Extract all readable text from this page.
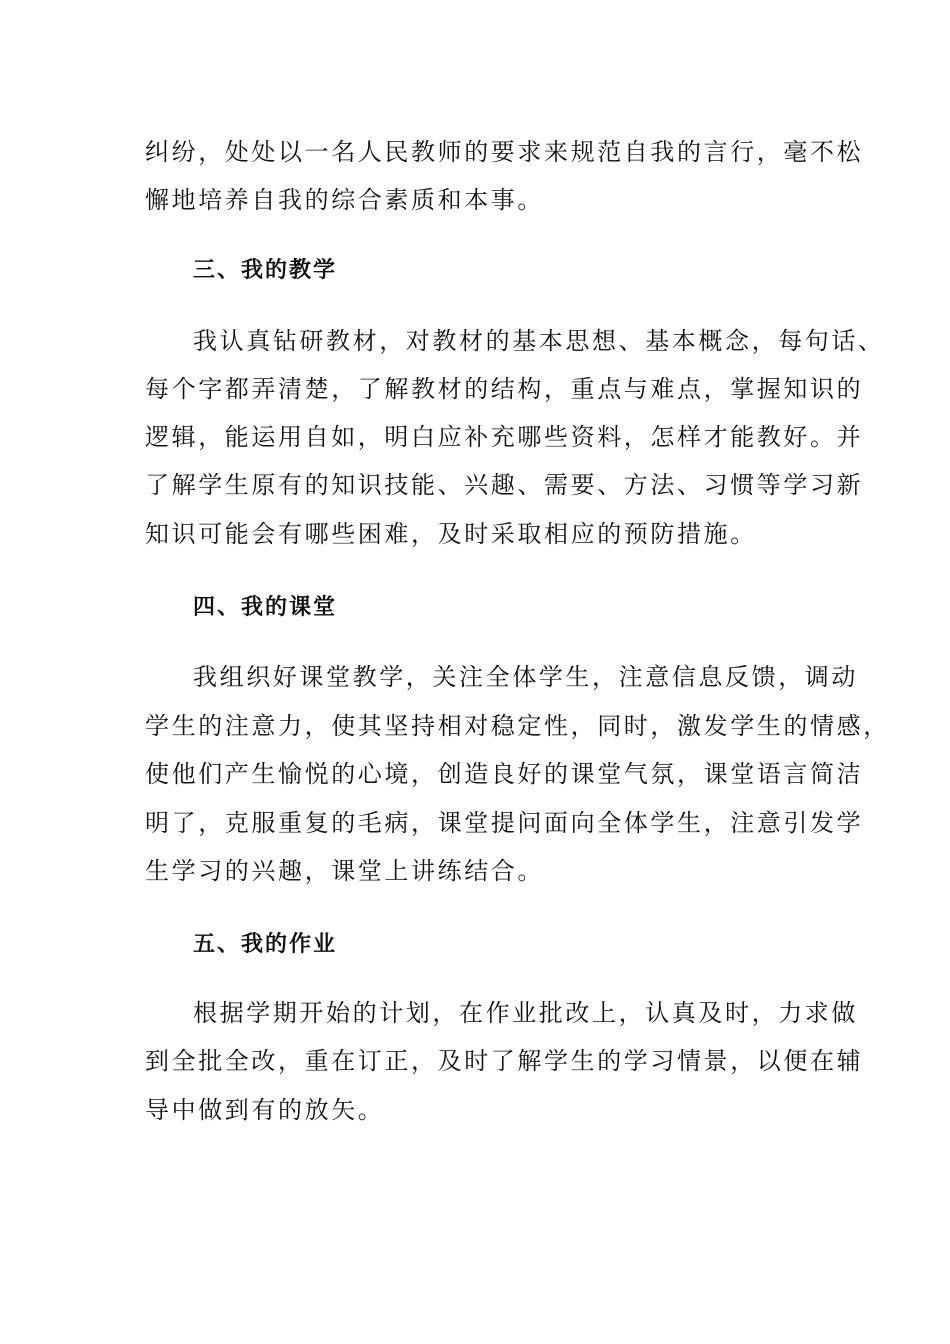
纠纷，处处以一名人民教师的要求来规范自我的言行，毫不松
懈地培养自我的综合素质和本事。
三、我的教学
我认真钻研教材，对教材的基本思想、基本概念，每句话、
每个字都弄清楚，了解教材的结构，重点与难点，掌握知识的
逻辑，能运用自如，明白应补充哪些资料，怎样才能教好。并
了解学生原有的知识技能、兴趣、需要、方法、习惯等学习新
知识可能会有哪些困难，及时采取相应的预防措施。
四、我的课堂
我组织好课堂教学，关注全体学生，注意信息反馈，调动
学生的注意力，使其坚持相对稳定性，同时，激发学生的情感，
使他们产生愉悦的心境，创造良好的课堂气氛，课堂语言简洁
明了，克服重复的毛病，课堂提问面向全体学生，注意引发学
生学习的兴趣，课堂上讲练结合。
五、我的作业
根据学期开始的计划，在作业批改上，认真及时，力求做
到全批全改，重在订正，及时了解学生的学习情景，以便在辅
导中做到有的放矢。
